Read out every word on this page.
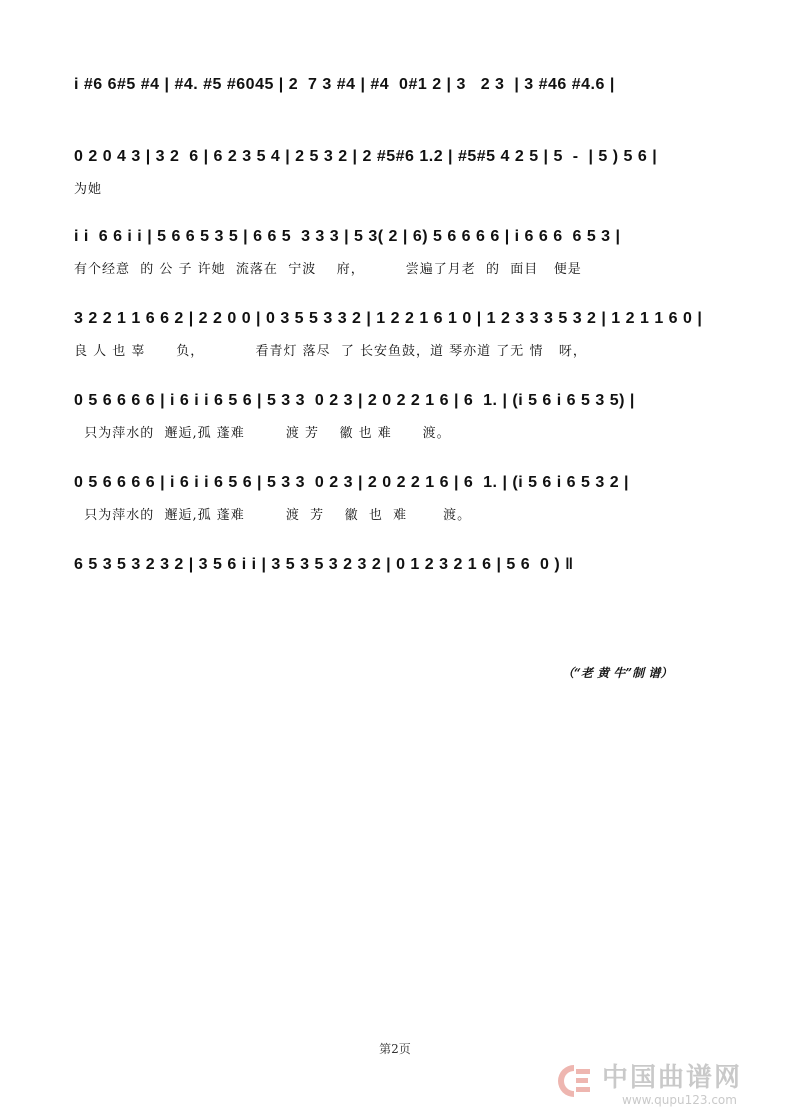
i #6 6#5 #4 | #4. #5 #6045 | 2  7 3 #4 | #4  0#1 2 | 3   2 3  | 3 #46 #4.6 |
0 2 0 4 3 | 3 2  6 | 6 2 3 5 4 | 2 5 3 2 | 2 #5#6 1.2 | #5#5 4 2 5 | 5  -  | 5 ) 5 6 |
为她
i i  6 6 i i | 5 6 6 5 3 5 | 6 6 5  3 3 3 | 5 3( 2 | 6) 5 6 6 6 6 | i 6 6 6  6 5 3 |
有个经意  的 公 子 许她  流落在  宁波    府，        尝遍了月老  的  面目   便是
3 2 2 1 1 6 6 2 | 2 2 0 0 | 0 3 5 5 3 3 2 | 1 2 2 1 6 1 0 | 1 2 3 3 3 5 3 2 | 1 2 1 1 6 0 |
良 人 也 辜      负，          看青灯 落尽  了 长安鱼鼓，道 琴亦道 了无 情   呀，
0 5 6 6 6 6 | i 6 i i 6 5 6 | 5 3 3  0 2 3 | 2 0 2 2 1 6 | 6  1. | (i 5 6 i 6 5 3 5) |
只为萍水的  邂逅,孤 蓬难        渡 芳    徽 也 难      渡。
0 5 6 6 6 6 | i 6 i i 6 5 6 | 5 3 3  0 2 3 | 2 0 2 2 1 6 | 6  1. | (i 5 6 i 6 5 3 2 |
只为萍水的  邂逅,孤 蓬难        渡  芳    徽  也  难       渡。
6 5 3 5 3 2 3 2 | 3 5 6 i i | 3 5 3 5 3 2 3 2 | 0 1 2 3 2 1 6 | 5 6  0 ) ‖
（“老 黄 牛”制 谱）
第2页
中国曲谱网
www.qupu123.com
